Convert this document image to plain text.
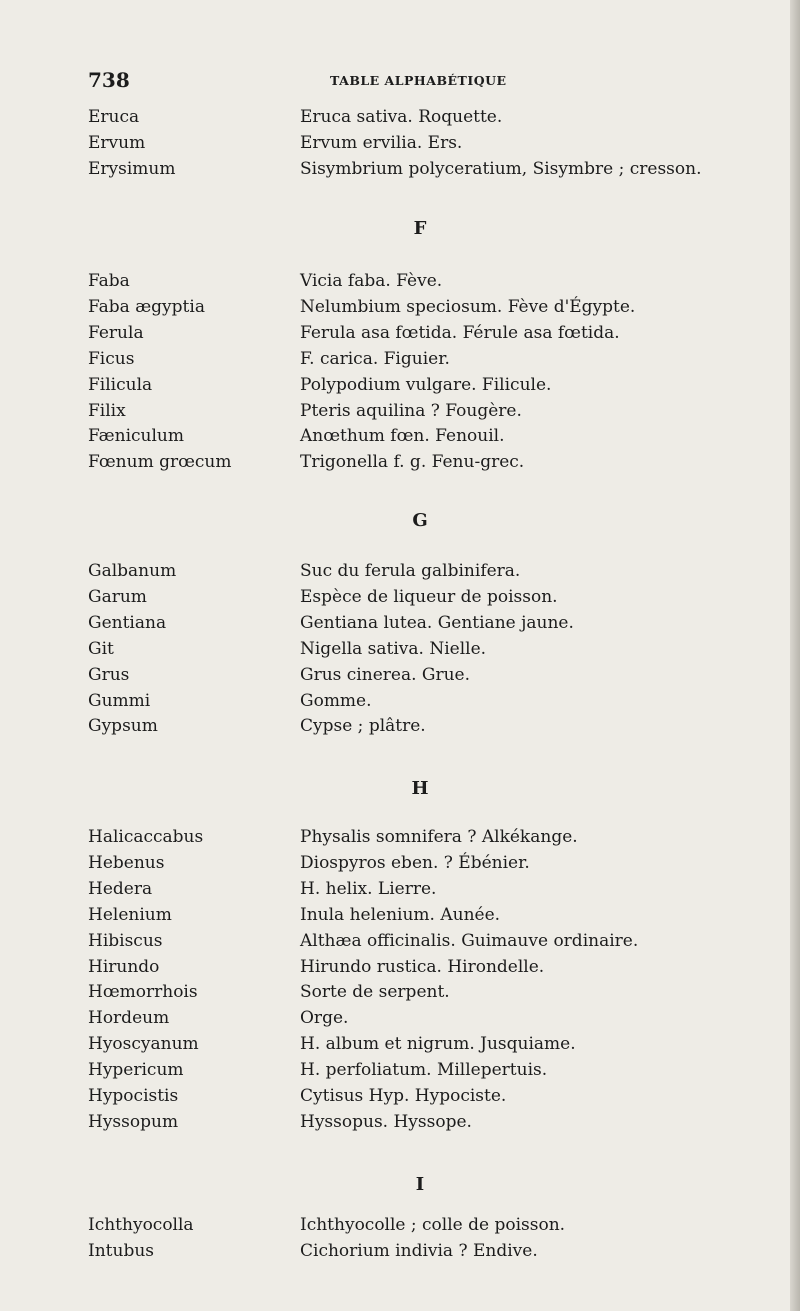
738	TABLE ALPHABÉTIQUE
Eruca	Eruca sativa. Roquette.
Ervum	Ervum ervilia. Ers.
Erysimum	Sisymbrium polyceratium, Sisymbre ; cresson.
F
Faba	Vicia faba. Fève.
Faba ægyptia	Nelumbium speciosum. Fève d'Égypte.
Ferula	Ferula asa fœtida. Férule asa fœtida.
Ficus	F. carica. Figuier.
Filicula	Polypodium vulgare. Filicule.
Filix	Pteris aquilina ? Fougère.
Fæniculum	Anœthum fœn. Fenouil.
Fœnum grœcum	Trigonella f. g. Fenu-grec.
G
Galbanum	Suc du ferula galbinifera.
Garum	Espèce de liqueur de poisson.
Gentiana	Gentiana lutea. Gentiane jaune.
Git	Nigella sativa. Nielle.
Grus	Grus cinerea. Grue.
Gummi	Gomme.
Gypsum	Cypse ; plâtre.
H
Halicaccabus	Physalis somnifera ? Alkékange.
Hebenus	Diospyros eben. ? Ébénier.
Hedera	H. helix. Lierre.
Helenium	Inula helenium. Aunée.
Hibiscus	Althæa officinalis. Guimauve ordinaire.
Hirundo	Hirundo rustica. Hirondelle.
Hœmorrhois	Sorte de serpent.
Hordeum	Orge.
Hyoscyanum	H. album et nigrum. Jusquiame.
Hypericum	H. perfoliatum. Millepertuis.
Hypocistis	Cytisus Hyp. Hypociste.
Hyssopum	Hyssopus. Hyssope.
I
Ichthyocolla	Ichthyocolle ; colle de poisson.
Intubus	Cichorium indivia ? Endive.
